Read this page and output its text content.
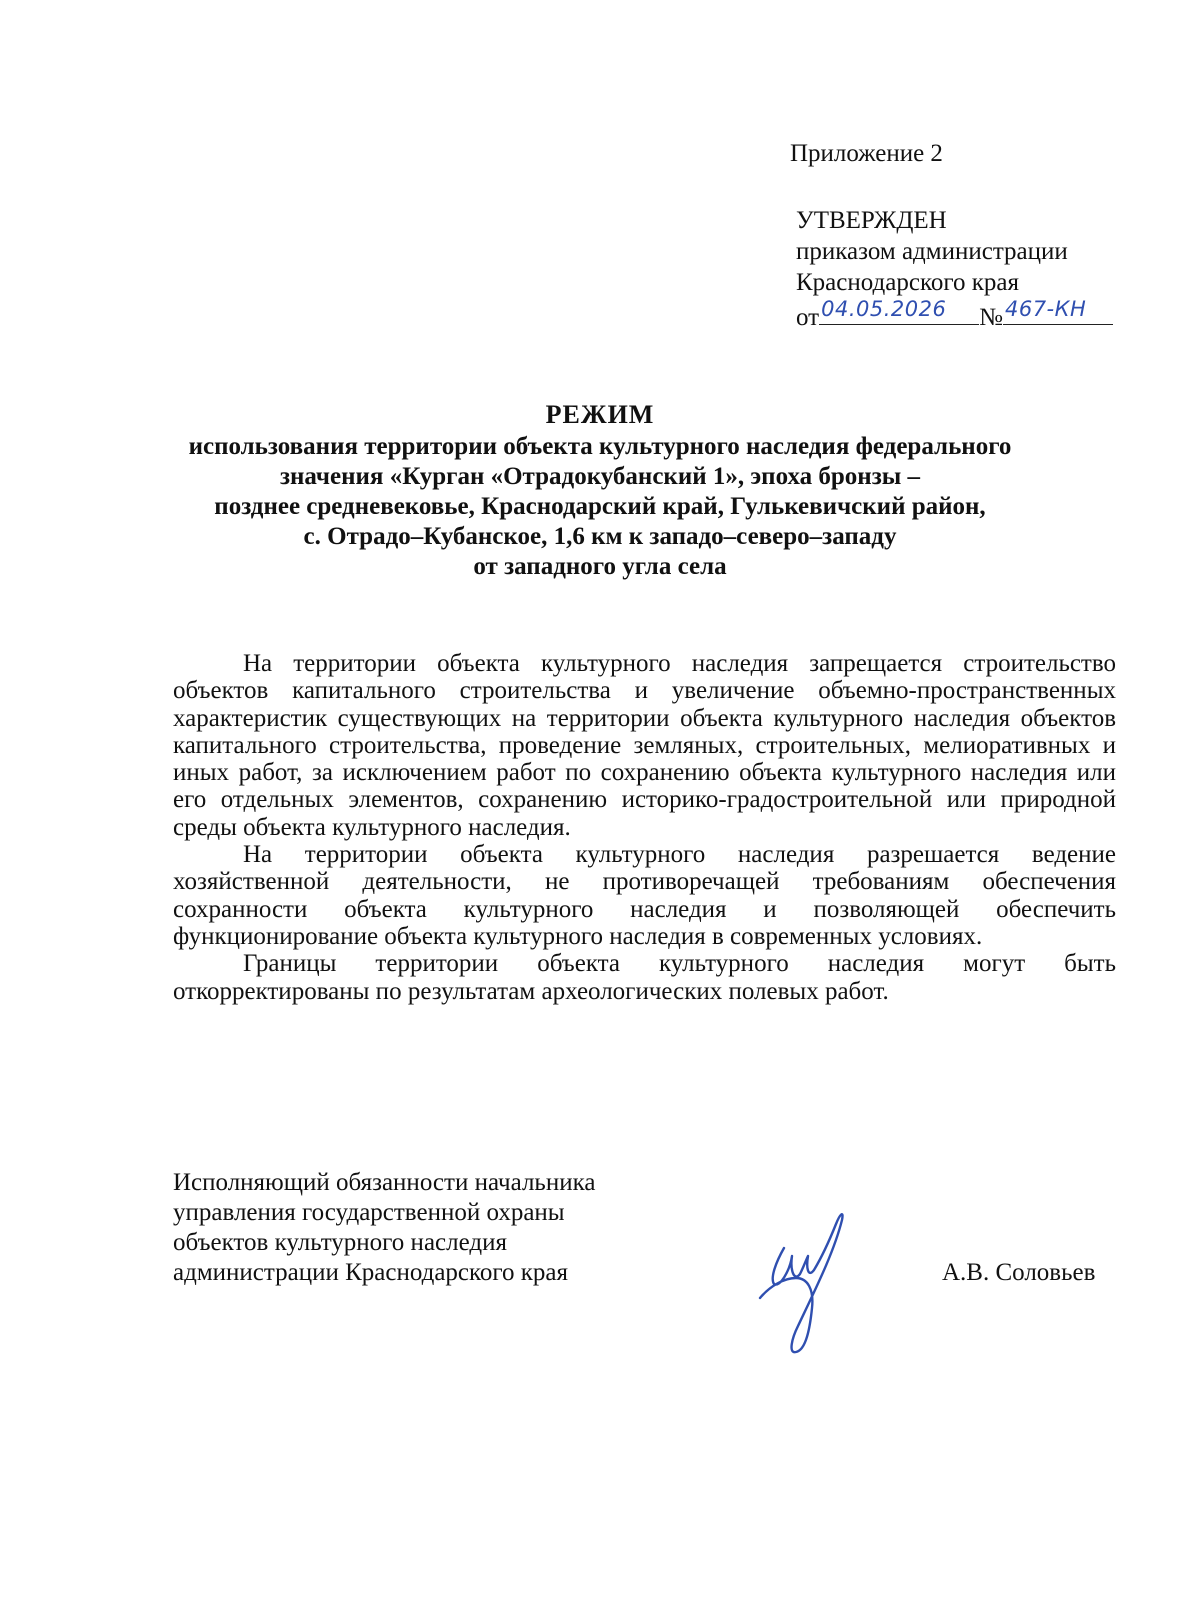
Приложение 2
УТВЕРЖДЕН
приказом администрации
Краснодарского края
от 04.05.2026 № 467-КН
РЕЖИМ
использования территории объекта культурного наследия федерального
значения «Курган «Отрадокубанский 1», эпоха бронзы –
позднее средневековье, Краснодарский край, Гулькевичский район,
с. Отрадо–Кубанское, 1,6 км к западо–северо–западу
от западного угла села

На территории объекта культурного наследия запрещается строительство объектов капитального строительства и увеличение объемно-пространственных характеристик существующих на территории объекта культурного наследия объектов капитального строительства, проведение земляных, строительных, мелиоративных и иных работ, за исключением работ по сохранению объекта культурного наследия или его отдельных элементов, сохранению историко-градостроительной или природной среды объекта культурного наследия.

На территории объекта культурного наследия разрешается ведение хозяйственной деятельности, не противоречащей требованиям обеспечения сохранности объекта культурного наследия и позволяющей обеспечить функционирование объекта культурного наследия в современных условиях.

Границы территории объекта культурного наследия могут быть откорректированы по результатам археологических полевых работ.

Исполняющий обязанности начальника
управления государственной охраны
объектов культурного наследия
администрации Краснодарского края	А.В. Соловьев
